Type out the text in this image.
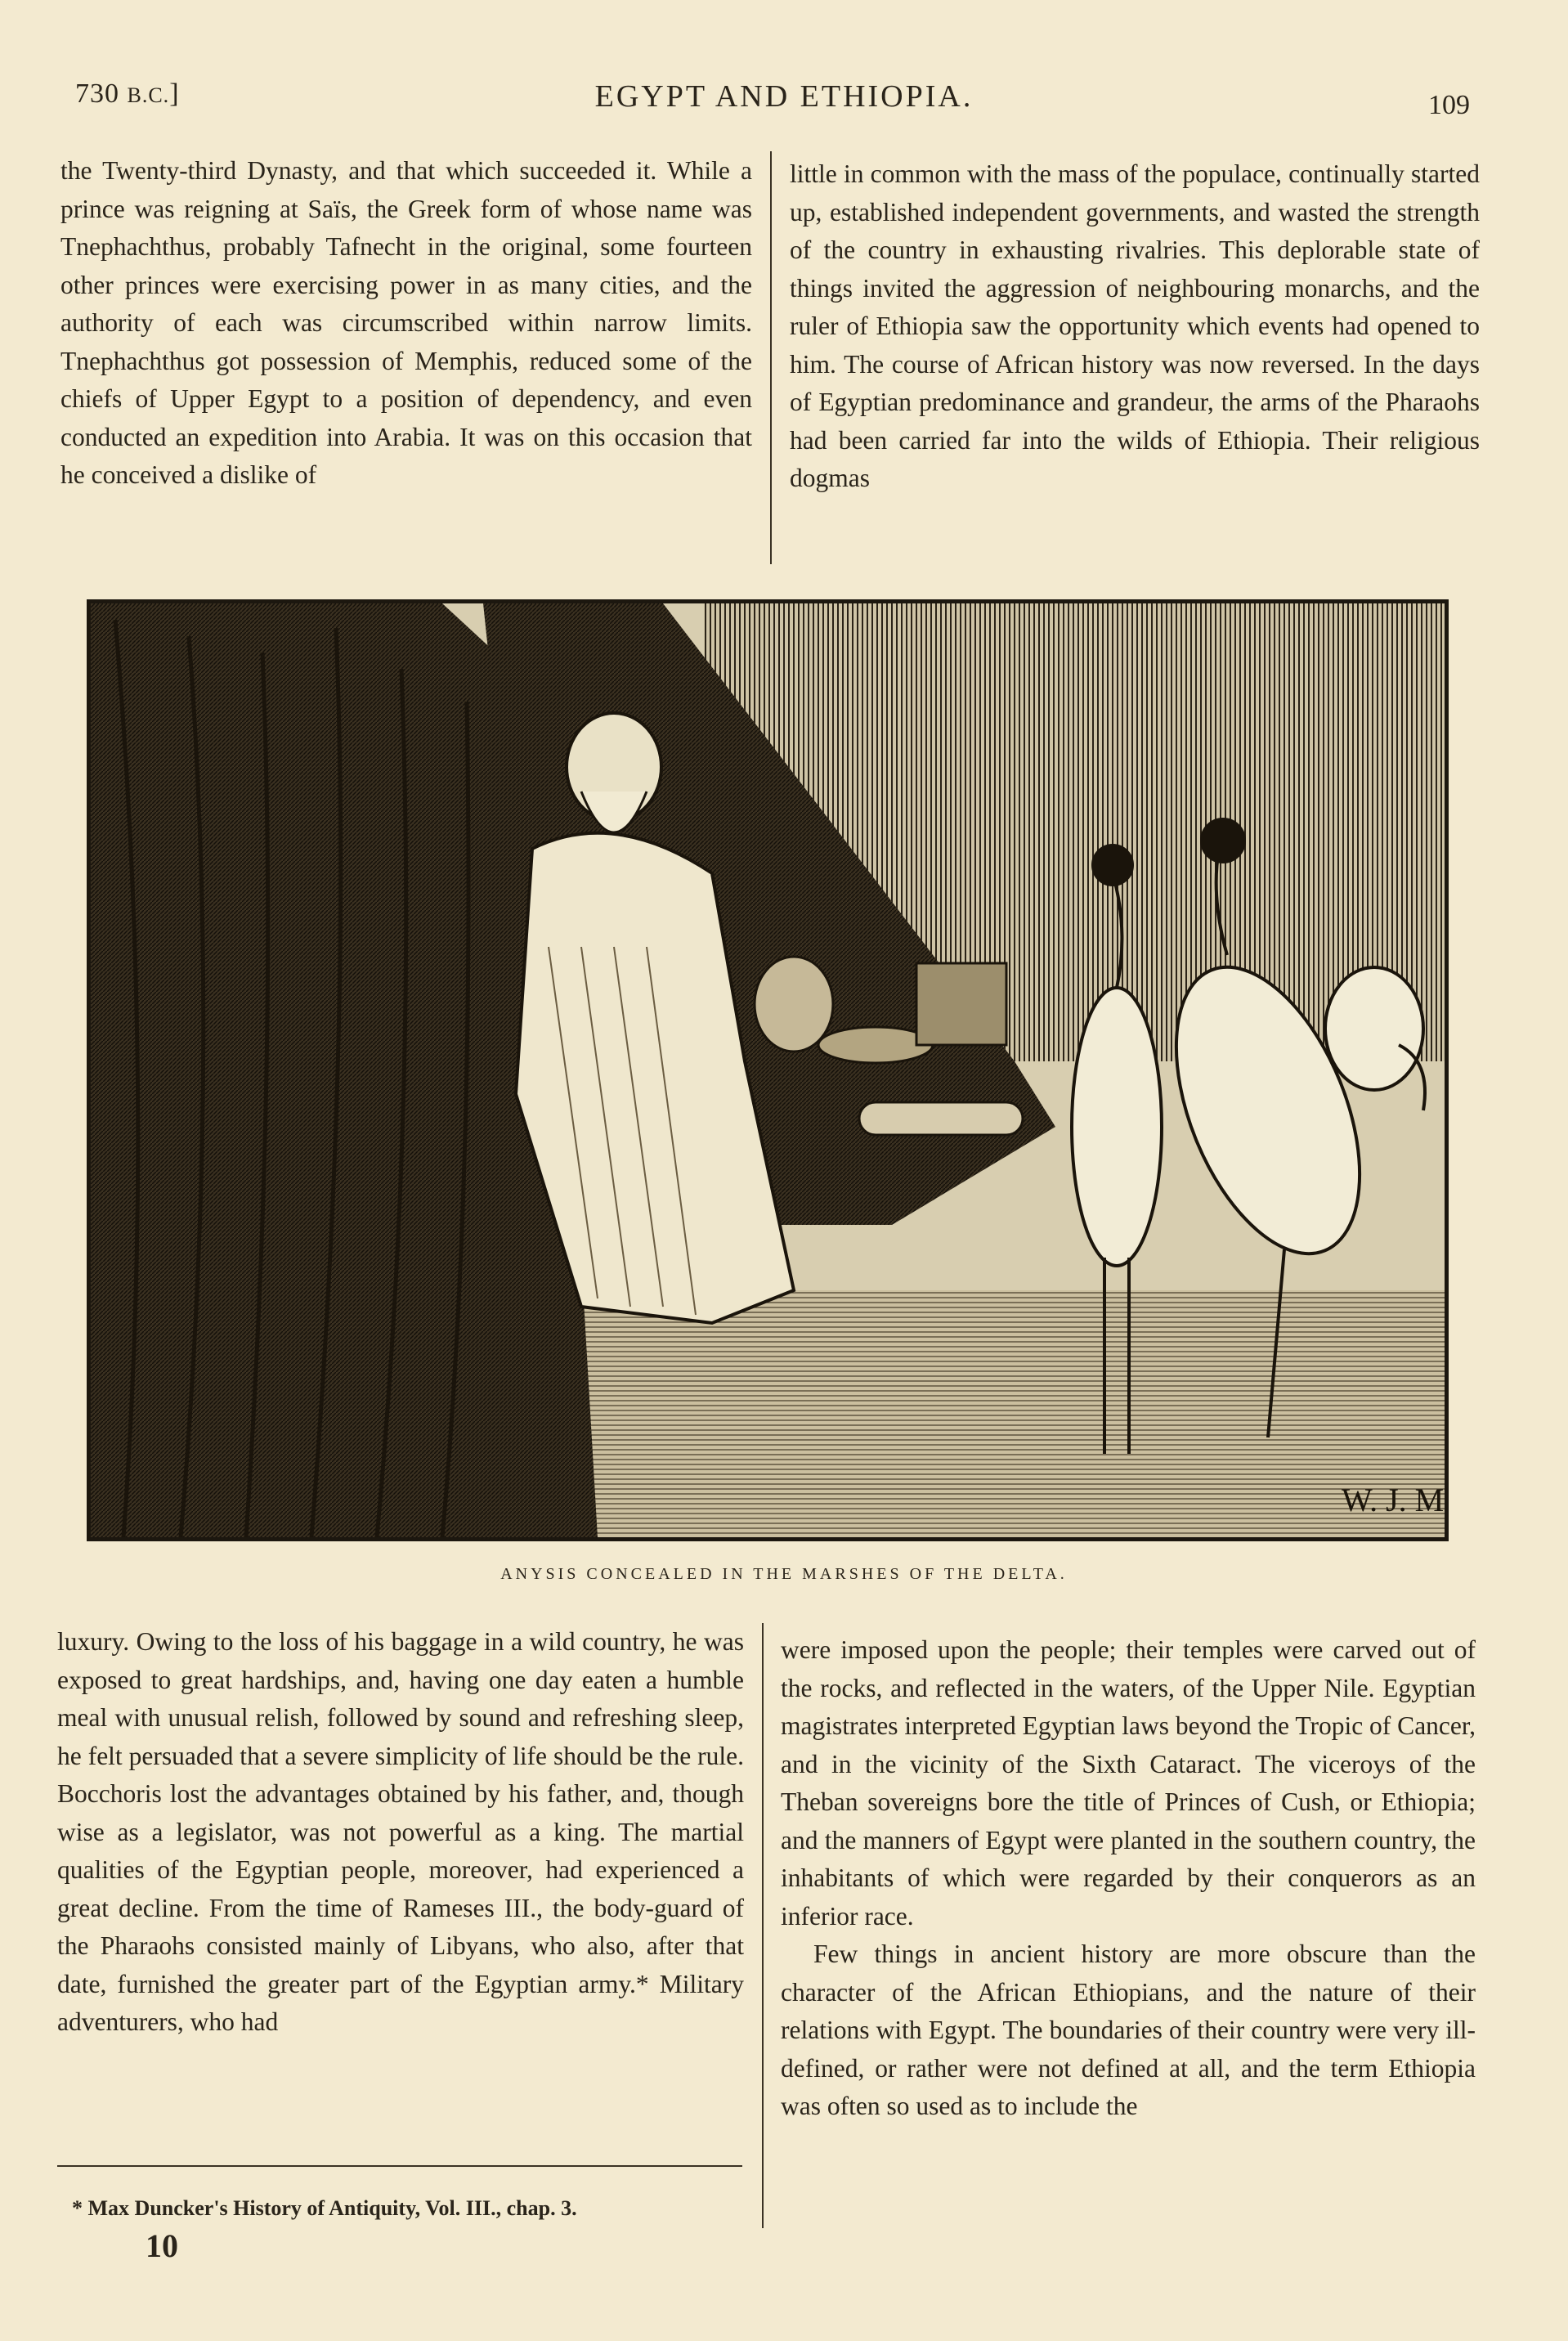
730 B.C.]	EGYPT AND ETHIOPIA.	109

the Twenty-third Dynasty, and that which succeeded it. While a prince was reigning at Saïs, the Greek form of whose name was Tnephachthus, probably Tafnecht in the original, some fourteen other princes were exercising power in as many cities, and the authority of each was circumscribed within narrow limits. Tnephachthus got possession of Memphis, reduced some of the chiefs of Upper Egypt to a position of dependency, and even conducted an expedition into Arabia. It was on this occasion that he conceived a dislike of

little in common with the mass of the populace, continually started up, established independent governments, and wasted the strength of the country in exhausting rivalries. This deplorable state of things invited the aggression of neighbouring monarchs, and the ruler of Ethiopia saw the opportunity which events had opened to him. The course of African history was now reversed. In the days of Egyptian predominance and grandeur, the arms of the Pharaohs had been carried far into the wilds of Ethiopia. Their religious dogmas

W. J. M
ANYSIS CONCEALED IN THE MARSHES OF THE DELTA.

luxury. Owing to the loss of his baggage in a wild country, he was exposed to great hardships, and, having one day eaten a humble meal with unusual relish, followed by sound and refreshing sleep, he felt persuaded that a severe simplicity of life should be the rule. Bocchoris lost the advantages obtained by his father, and, though wise as a legislator, was not powerful as a king. The martial qualities of the Egyptian people, moreover, had experienced a great decline. From the time of Rameses III., the body-guard of the Pharaohs consisted mainly of Libyans, who also, after that date, furnished the greater part of the Egyptian army.* Military adventurers, who had

were imposed upon the people; their temples were carved out of the rocks, and reflected in the waters, of the Upper Nile. Egyptian magistrates interpreted Egyptian laws beyond the Tropic of Cancer, and in the vicinity of the Sixth Cataract. The viceroys of the Theban sovereigns bore the title of Princes of Cush, or Ethiopia; and the manners of Egypt were planted in the southern country, the inhabitants of which were regarded by their conquerors as an inferior race.

Few things in ancient history are more obscure than the character of the African Ethiopians, and the nature of their relations with Egypt. The boundaries of their country were very ill-defined, or rather were not defined at all, and the term Ethiopia was often so used as to include the

* Max Duncker's History of Antiquity, Vol. III., chap. 3.
10
